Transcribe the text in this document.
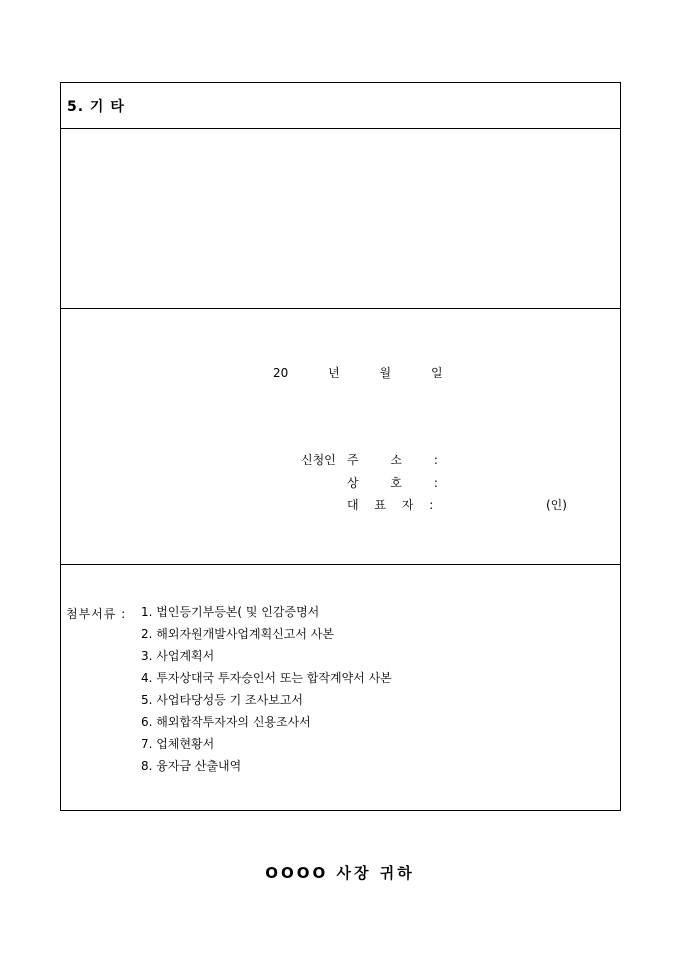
5. 기 타
20	년	월	일
신청인 주 소 :
상 호 :
대 표 자 :	(인)
첨부서류 : 1. 법인등기부등본( 및 인감증명서
2. 해외자원개발사업계획신고서 사본
3. 사업계획서
4. 투자상대국 투자승인서 또는 합작계약서 사본
5. 사업타당성등 기 조사보고서
6. 해외합작투자자의 신용조사서
7. 업체현황서
8. 융자금 산출내역
OOOO 사장 귀하
